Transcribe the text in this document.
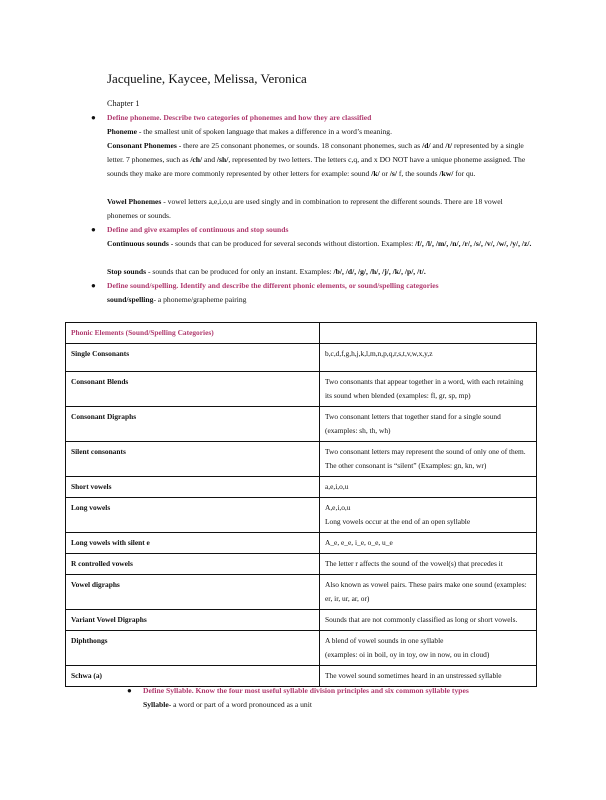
Jacqueline, Kaycee, Melissa, Veronica
Chapter 1
● Define phoneme. Describe two categories of phonemes and how they are classified
Phoneme - the smallest unit of spoken language that makes a difference in a word’s meaning.
Consonant Phonemes - there are 25 consonant phonemes, or sounds. 18 consonant phonemes, such as /d/ and /t/ represented by a single letter. 7 phonemes, such as /ch/ and /sh/, represented by two letters. The letters c,q, and x DO NOT have a unique phoneme assigned. The sounds they make are more commonly represented by other letters for example: sound /k/ or /s/ f, the sounds /kw/ for qu.
Vowel Phonemes - vowel letters a,e,i,o,u are used singly and in combination to represent the different sounds. There are 18 vowel phonemes or sounds.
● Define and give examples of continuous and stop sounds
Continuous sounds - sounds that can be produced for several seconds without distortion. Examples: /f/, /l/, /m/, /n/, /r/, /s/, /v/, /w/, /y/, /z/.
Stop sounds - sounds that can be produced for only an instant. Examples: /b/, /d/, /g/, /h/, /j/, /k/, /p/, /t/.
● Define sound/spelling. Identify and describe the different phonic elements, or sound/spelling categories
sound/spelling- a phoneme/grapheme pairing
Phonic Elements (Sound/Spelling Categories)	
Single Consonants	b,c,d,f,g,h,j,k,l,m,n,p,q,r,s,t,v,w,x,y,z
Consonant Blends	Two consonants that appear together in a word, with each retaining its sound when blended (examples: fl, gr, sp, mp)
Consonant Digraphs	Two consonant letters that together stand for a single sound (examples: sh, th, wh)
Silent consonants	Two consonant letters may represent the sound of only one of them. The other consonant is “silent” (Examples: gn, kn, wr)
Short vowels	a,e,i,o,u
Long vowels	A,e,i,o,u
Long vowels occur at the end of an open syllable

Long vowels with silent e	A_e, e_e, i_e, o_e, u_e
R controlled vowels	The letter r affects the sound of the vowel(s) that precedes it
Vowel digraphs	Also known as vowel pairs. These pairs make one sound (examples: er, ir, ur, ar, or)
Variant Vowel Digraphs	Sounds that are not commonly classified as long or short vowels.
Diphthongs	A blend of vowel sounds in one syllable
(examples: oi in boil, oy in toy, ow in now, ou in cloud)

Schwa (a)	The vowel sound sometimes heard in an unstressed syllable
● Define Syllable. Know the four most useful syllable division principles and six common syllable types
Syllable- a word or part of a word pronounced as a unit
